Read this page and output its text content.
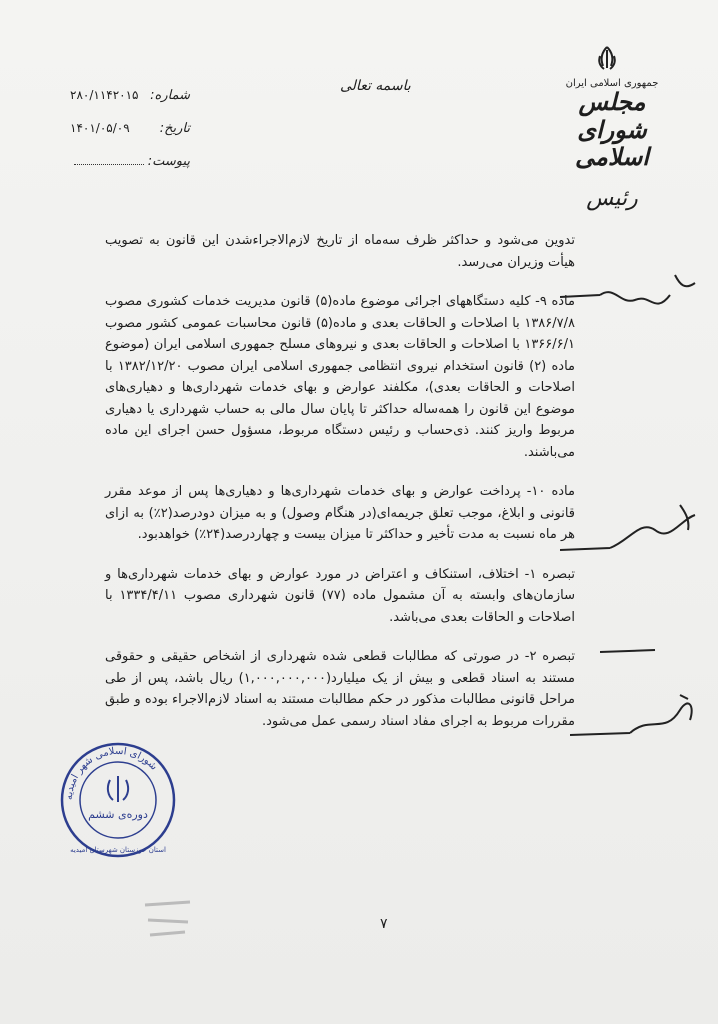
شماره:
۲۸۰/۱۱۴۲۰۱۵
تاریخ:
۱۴۰۱/۰۵/۰۹
پیوست:
باسمه تعالی	جمهوری اسلامی ایران
مجلس شورای اسلامی
رئیس

تدوین می‌شود و حداکثر ظرف سه‌ماه از تاریخ لازم‌الاجراءشدن این قانون به تصویب هیأت وزیران می‌رسد.

ماده ۹- کلیه دستگاههای اجرائی موضوع ماده(۵) قانون مدیریت خدمات کشوری مصوب ۱۳۸۶/۷/۸ با اصلاحات و الحاقات بعدی و ماده(۵) قانون محاسبات عمومی کشور مصوب ۱۳۶۶/۶/۱ با اصلاحات و الحاقات بعدی و نیروهای مسلح جمهوری اسلامی ایران (موضوع ماده (۲) قانون استخدام نیروی انتظامی جمهوری اسلامی ایران مصوب ۱۳۸۲/۱۲/۲۰ با اصلاحات و الحاقات بعدی)، مکلفند عوارض و بهای خدمات شهرداری‌ها و دهیاری‌های موضوع این قانون را همه‌ساله حداکثر تا پایان سال مالی به حساب شهرداری یا دهیاری مربوط واریز کنند. ذی‌حساب و رئیس دستگاه مربوط، مسؤول حسن اجرای این ماده می‌باشند.

ماده ۱۰- پرداخت عوارض و بهای خدمات شهرداری‌ها و دهیاری‌ها پس از موعد مقرر قانونی و ابلاغ، موجب تعلق جریمه‌ای(در هنگام وصول) و به میزان دودرصد(۲٪) به ازای هر ماه نسبت به مدت تأخیر و حداکثر تا میزان بیست و چهاردرصد(۲۴٪) خواهدبود.

تبصره ۱- اختلاف، استنکاف و اعتراض در مورد عوارض و بهای خدمات شهرداری‌ها و سازمان‌های وابسته به آن مشمول ماده (۷۷) قانون شهرداری مصوب ۱۳۳۴/۴/۱۱ با اصلاحات و الحاقات بعدی می‌باشد.

تبصره ۲- در صورتی که مطالبات قطعی شده شهرداری از اشخاص حقیقی و حقوقی مستند به اسناد قطعی و بیش از یک میلیارد(۱,۰۰۰,۰۰۰,۰۰۰) ریال باشد، پس از طی مراحل قانونی مطالبات مذکور در حکم مطالبات مستند به اسناد لازم‌الاجراء بوده و طبق مقررات مربوط به اجرای مفاد اسناد رسمی عمل می‌شود.

شورای اسلامی شهر امیدیه
دوره‌ی ششم
استان خوزستان شهرستان امیدیه
۷
